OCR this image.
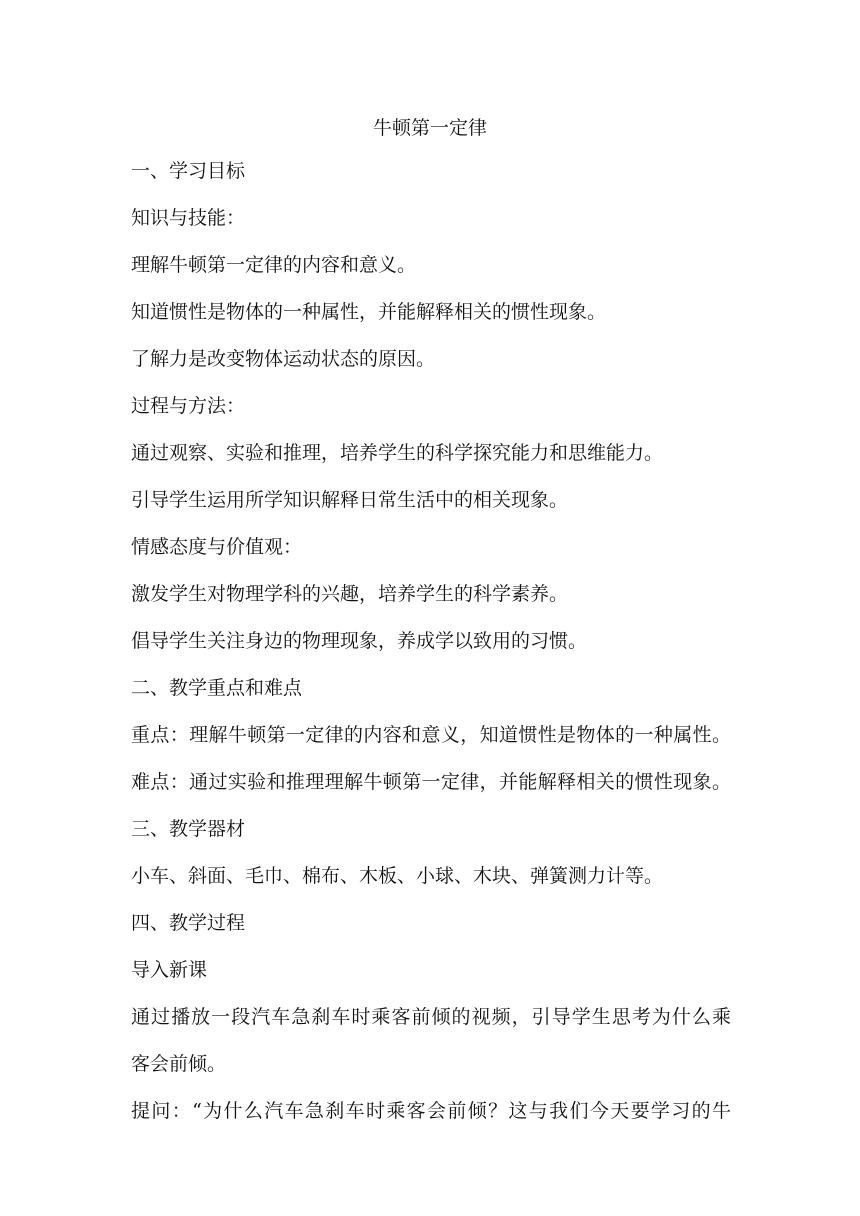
牛顿第一定律
一、学习目标
知识与技能：
理解牛顿第一定律的内容和意义。
知道惯性是物体的一种属性，并能解释相关的惯性现象。
了解力是改变物体运动状态的原因。
过程与方法：
通过观察、实验和推理，培养学生的科学探究能力和思维能力。
引导学生运用所学知识解释日常生活中的相关现象。
情感态度与价值观：
激发学生对物理学科的兴趣，培养学生的科学素养。
倡导学生关注身边的物理现象，养成学以致用的习惯。
二、教学重点和难点
重点：理解牛顿第一定律的内容和意义，知道惯性是物体的一种属性。
难点：通过实验和推理理解牛顿第一定律，并能解释相关的惯性现象。
三、教学器材
小车、斜面、毛巾、棉布、木板、小球、木块、弹簧测力计等。
四、教学过程
导入新课
通过播放一段汽车急刹车时乘客前倾的视频，引导学生思考为什么乘
客会前倾。
提问：“为什么汽车急刹车时乘客会前倾？这与我们今天要学习的牛
